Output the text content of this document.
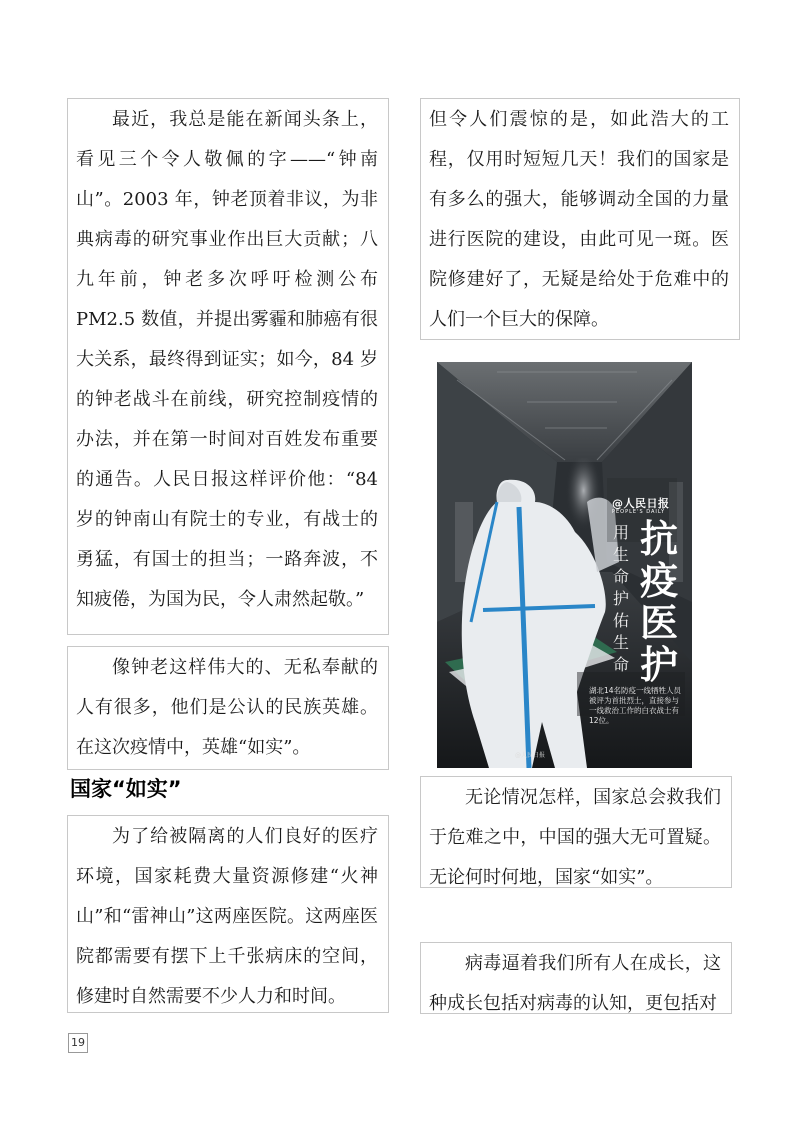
最近，我总是能在新闻头条上，看见三个令人敬佩的字——“钟南山”。2003 年，钟老顶着非议，为非典病毒的研究事业作出巨大贡献；八九年前，钟老多次呼吁检测公布 PM2.5 数值，并提出雾霾和肺癌有很大关系，最终得到证实；如今，84 岁的钟老战斗在前线，研究控制疫情的办法，并在第一时间对百姓发布重要的通告。人民日报这样评价他：“84 岁的钟南山有院士的专业，有战士的勇猛，有国士的担当；一路奔波，不知疲倦，为国为民，令人肃然起敬。”

像钟老这样伟大的、无私奉献的人有很多，他们是公认的民族英雄。在这次疫情中，英雄“如实”。

国家“如实”

为了给被隔离的人们良好的医疗环境，国家耗费大量资源修建“火神山”和“雷神山”这两座医院。这两座医院都需要有摆下上千张病床的空间，修建时自然需要不少人力和时间。

但令人们震惊的是，如此浩大的工程，仅用时短短几天！我们的国家是有多么的强大，能够调动全国的力量进行医院的建设，由此可见一斑。医院修建好了，无疑是给处于危难中的人们一个巨大的保障。

@人民日报
PEOPLE'S DAILY
用生命护佑生命
抗疫医护
湖北14名防疫一线牺牲人员被评为首批烈士，直接参与一线救治工作的白衣战士有12位。
@人民日报

无论情况怎样，国家总会救我们于危难之中，中国的强大无可置疑。无论何时何地，国家“如实”。

病毒逼着我们所有人在成长，这种成长包括对病毒的认知，更包括对

19
